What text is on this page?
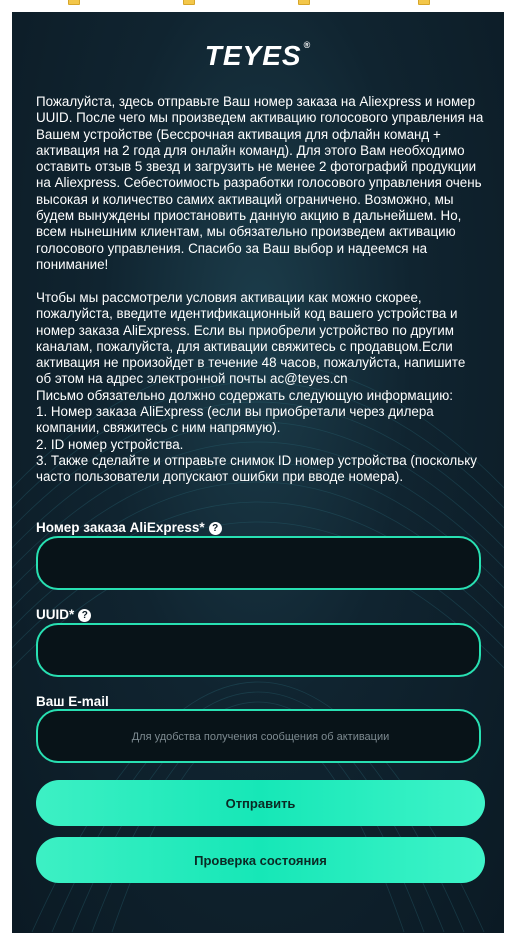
TEYES ®
Пожалуйста, здесь отправьте Ваш номер заказа на Aliexpress и номер UUID. После чего мы произведем активацию голосового управления на Вашем устройстве (Бессрочная активация для офлайн команд + активация на 2 года для онлайн команд). Для этого Вам необходимо оставить отзыв 5 звезд и загрузить не менее 2 фотографий продукции на Aliexpress. Себестоимость разработки голосового управления очень высокая и количество самих активаций ограничено. Возможно, мы будем вынуждены приостановить данную акцию в дальнейшем. Но, всем нынешним клиентам, мы обязательно произведем активацию голосового управления. Спасибо за Ваш выбор и надеемся на понимание!
Чтобы мы рассмотрели условия активации как можно скорее, пожалуйста, введите идентификационный код вашего устройства и номер заказа AliExpress. Если вы приобрели устройство по другим каналам, пожалуйста, для активации свяжитесь с продавцом.Если активация не произойдет в течение 48 часов, пожалуйста, напишите об этом на адрес электронной почты ac@teyes.cn
Письмо обязательно должно содержать следующую информацию:
1. Номер заказа AliExpress (если вы приобретали через дилера компании, свяжитесь с ним напрямую).
2. ID номер устройства.
3. Также сделайте и отправьте снимок ID номер устройства (поскольку часто пользователи допускают ошибки при вводе номера).
Номер заказа AliExpress* ?
UUID* ?
Ваш E-mail
Для удобства получения сообщения об активации
Отправить
Проверка состояния
